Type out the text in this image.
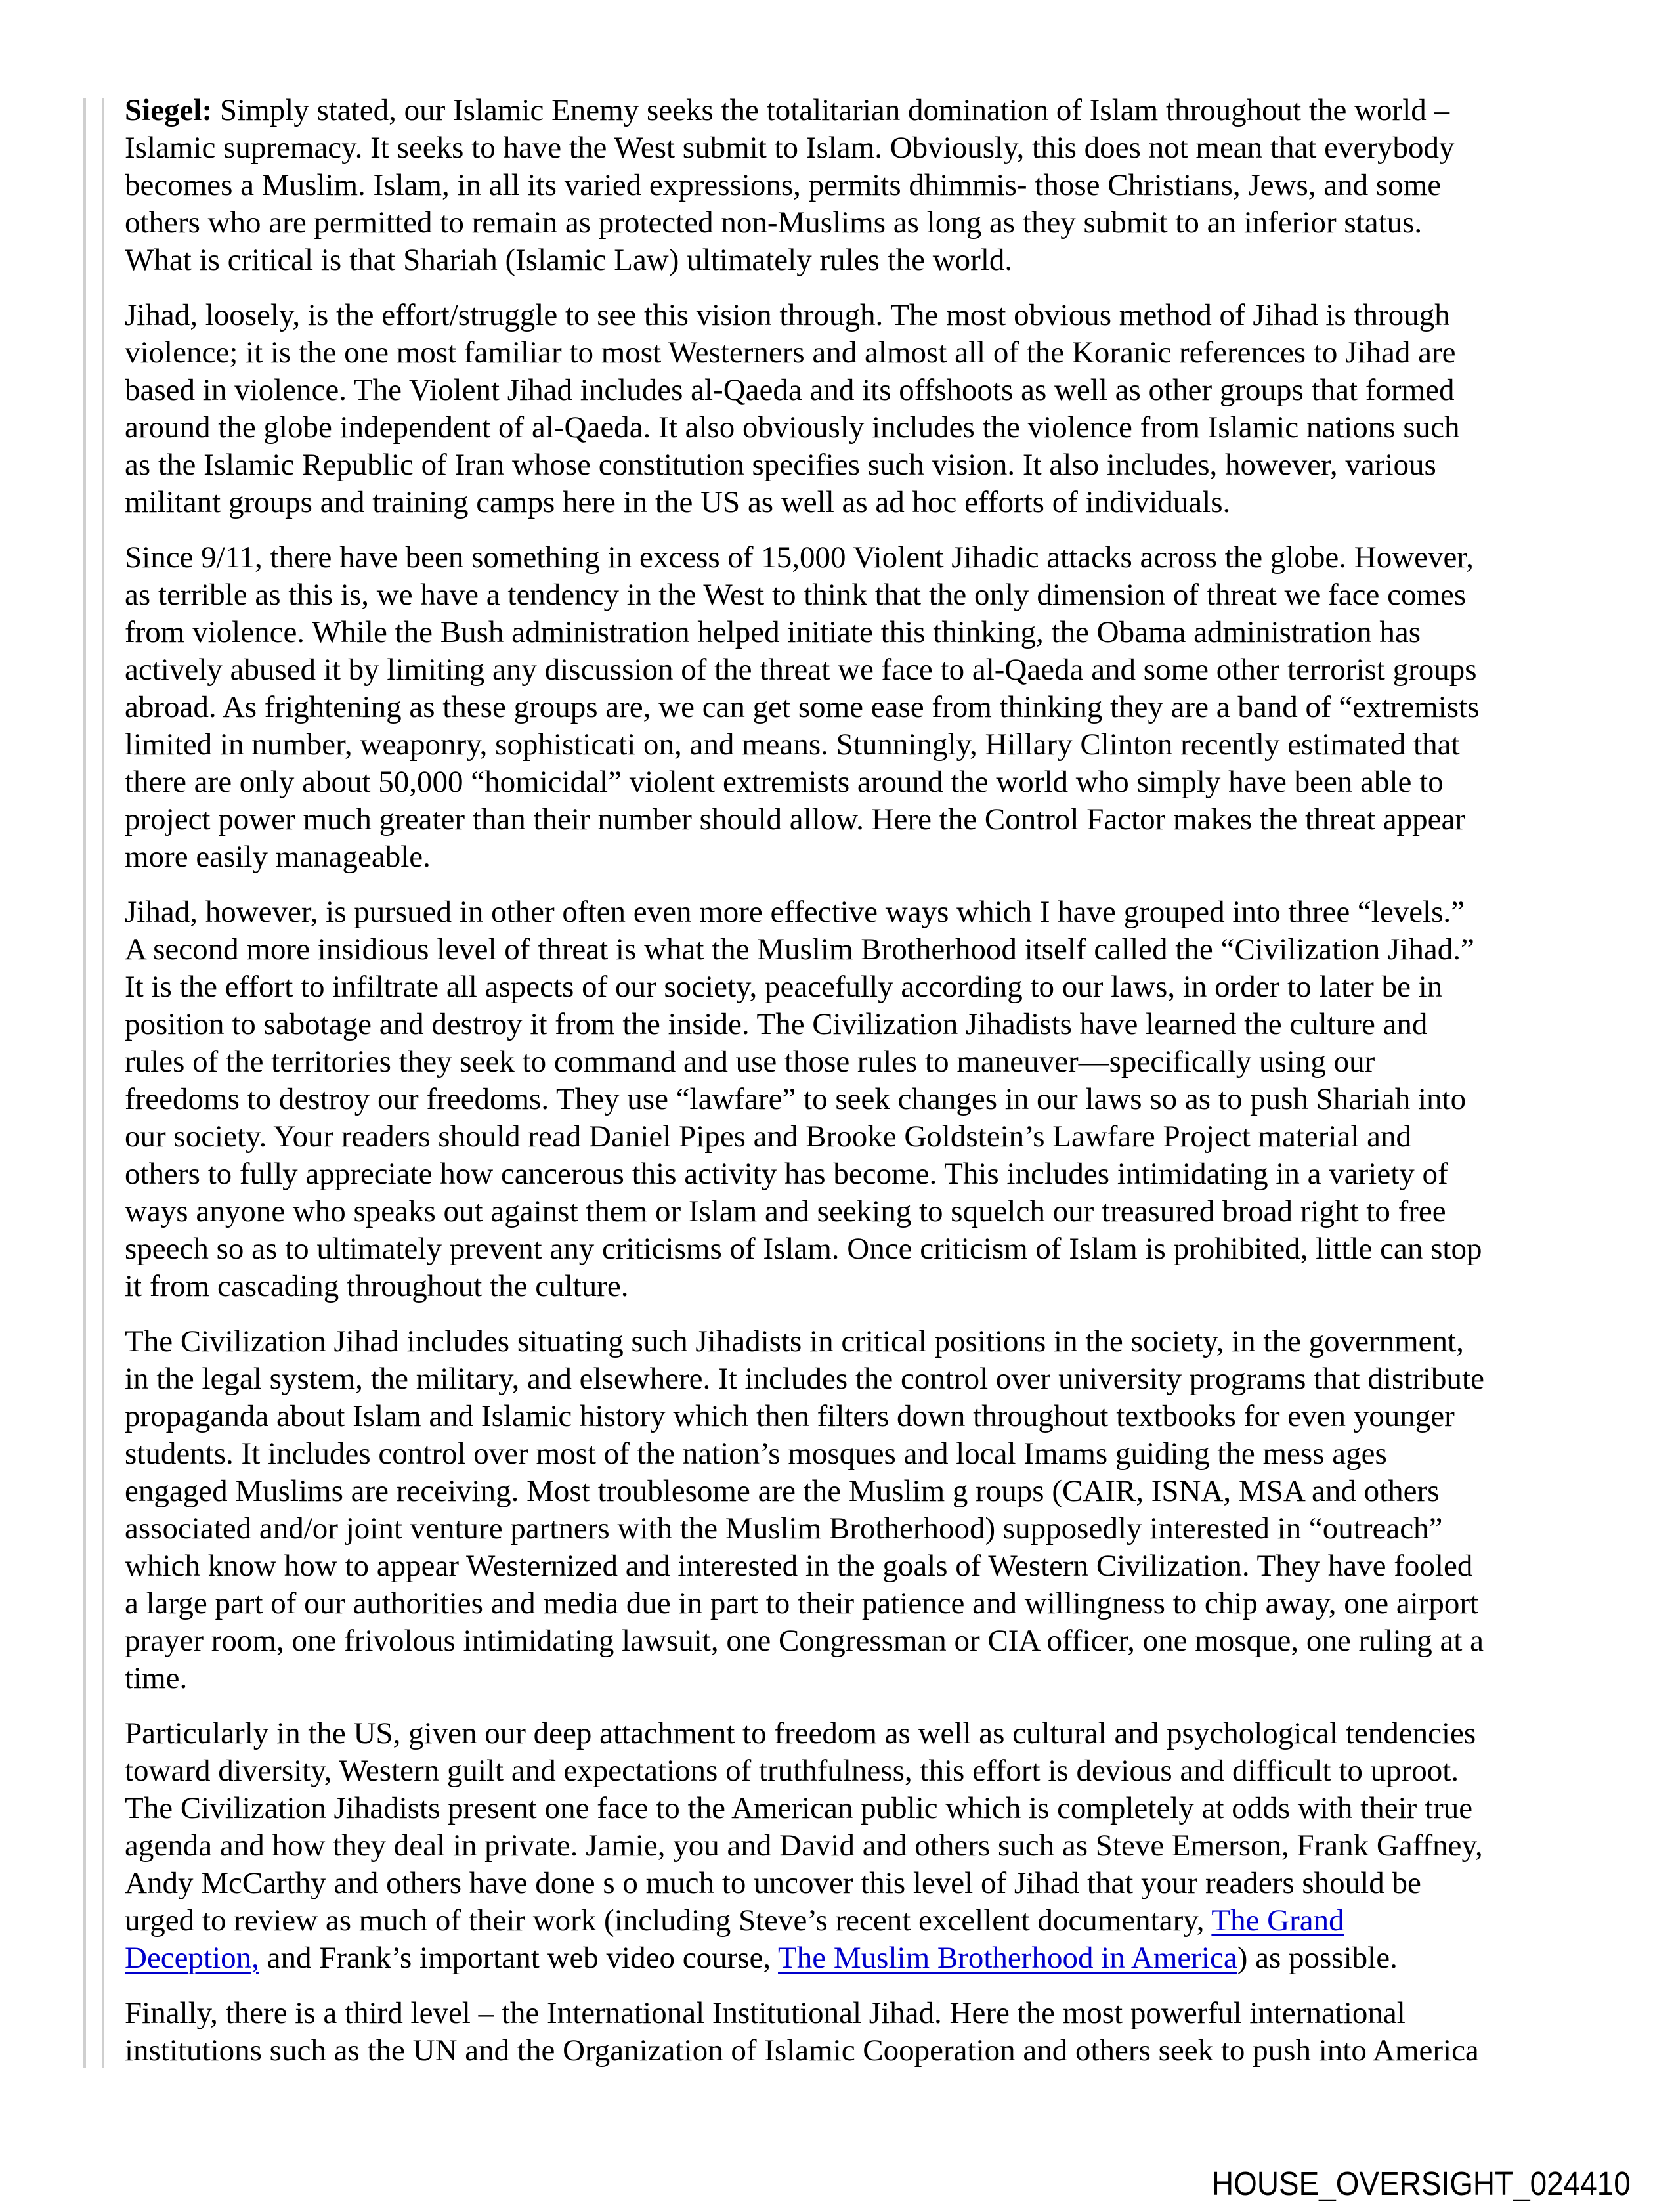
Siegel: Simply stated, our Islamic Enemy seeks the totalitarian domination of Islam throughout the world –
Islamic supremacy. It seeks to have the West submit to Islam. Obviously, this does not mean that everybody
becomes a Muslim. Islam, in all its varied expressions, permits dhimmis- those Christians, Jews, and some
others who are permitted to remain as protected non-Muslims as long as they submit to an inferior status.
What is critical is that Shariah (Islamic Law) ultimately rules the world.

Jihad, loosely, is the effort/struggle to see this vision through. The most obvious method of Jihad is through
violence; it is the one most familiar to most Westerners and almost all of the Koranic references to Jihad are
based in violence. The Violent Jihad includes al-Qaeda and its offshoots as well as other groups that formed
around the globe independent of al-Qaeda. It also obviously includes the violence from Islamic nations such
as the Islamic Republic of Iran whose constitution specifies such vision. It also includes, however, various
militant groups and training camps here in the US as well as ad hoc efforts of individuals.

Since 9/11, there have been something in excess of 15,000 Violent Jihadic attacks across the globe. However,
as terrible as this is, we have a tendency in the West to think that the only dimension of threat we face comes
from violence. While the Bush administration helped initiate this thinking, the Obama administration has
actively abused it by limiting any discussion of the threat we face to al-Qaeda and some other terrorist groups
abroad. As frightening as these groups are, we can get some ease from thinking they are a band of “extremists
limited in number, weaponry, sophisticati on, and means. Stunningly, Hillary Clinton recently estimated that
there are only about 50,000 “homicidal” violent extremists around the world who simply have been able to
project power much greater than their number should allow. Here the Control Factor makes the threat appear
more easily manageable.

Jihad, however, is pursued in other often even more effective ways which I have grouped into three “levels.”
A second more insidious level of threat is what the Muslim Brotherhood itself called the “Civilization Jihad.”
It is the effort to infiltrate all aspects of our society, peacefully according to our laws, in order to later be in
position to sabotage and destroy it from the inside. The Civilization Jihadists have learned the culture and
rules of the territories they seek to command and use those rules to maneuver—specifically using our
freedoms to destroy our freedoms. They use “lawfare” to seek changes in our laws so as to push Shariah into
our society. Your readers should read Daniel Pipes and Brooke Goldstein’s Lawfare Project material and
others to fully appreciate how cancerous this activity has become. This includes intimidating in a variety of
ways anyone who speaks out against them or Islam and seeking to squelch our treasured broad right to free
speech so as to ultimately prevent any criticisms of Islam. Once criticism of Islam is prohibited, little can stop
it from cascading throughout the culture.

The Civilization Jihad includes situating such Jihadists in critical positions in the society, in the government,
in the legal system, the military, and elsewhere. It includes the control over university programs that distribute
propaganda about Islam and Islamic history which then filters down throughout textbooks for even younger
students. It includes control over most of the nation’s mosques and local Imams guiding the mess ages
engaged Muslims are receiving. Most troublesome are the Muslim g roups (CAIR, ISNA, MSA and others
associated and/or joint venture partners with the Muslim Brotherhood) supposedly interested in “outreach”
which know how to appear Westernized and interested in the goals of Western Civilization. They have fooled
a large part of our authorities and media due in part to their patience and willingness to chip away, one airport
prayer room, one frivolous intimidating lawsuit, one Congressman or CIA officer, one mosque, one ruling at a
time.

Particularly in the US, given our deep attachment to freedom as well as cultural and psychological tendencies
toward diversity, Western guilt and expectations of truthfulness, this effort is devious and difficult to uproot.
The Civilization Jihadists present one face to the American public which is completely at odds with their true
agenda and how they deal in private. Jamie, you and David and others such as Steve Emerson, Frank Gaffney,
Andy McCarthy and others have done s o much to uncover this level of Jihad that your readers should be
urged to review as much of their work (including Steve’s recent excellent documentary, The Grand
Deception, and Frank’s important web video course, The Muslim Brotherhood in America) as possible.

Finally, there is a third level – the International Institutional Jihad. Here the most powerful international
institutions such as the UN and the Organization of Islamic Cooperation and others seek to push into America

HOUSE_OVERSIGHT_024410
